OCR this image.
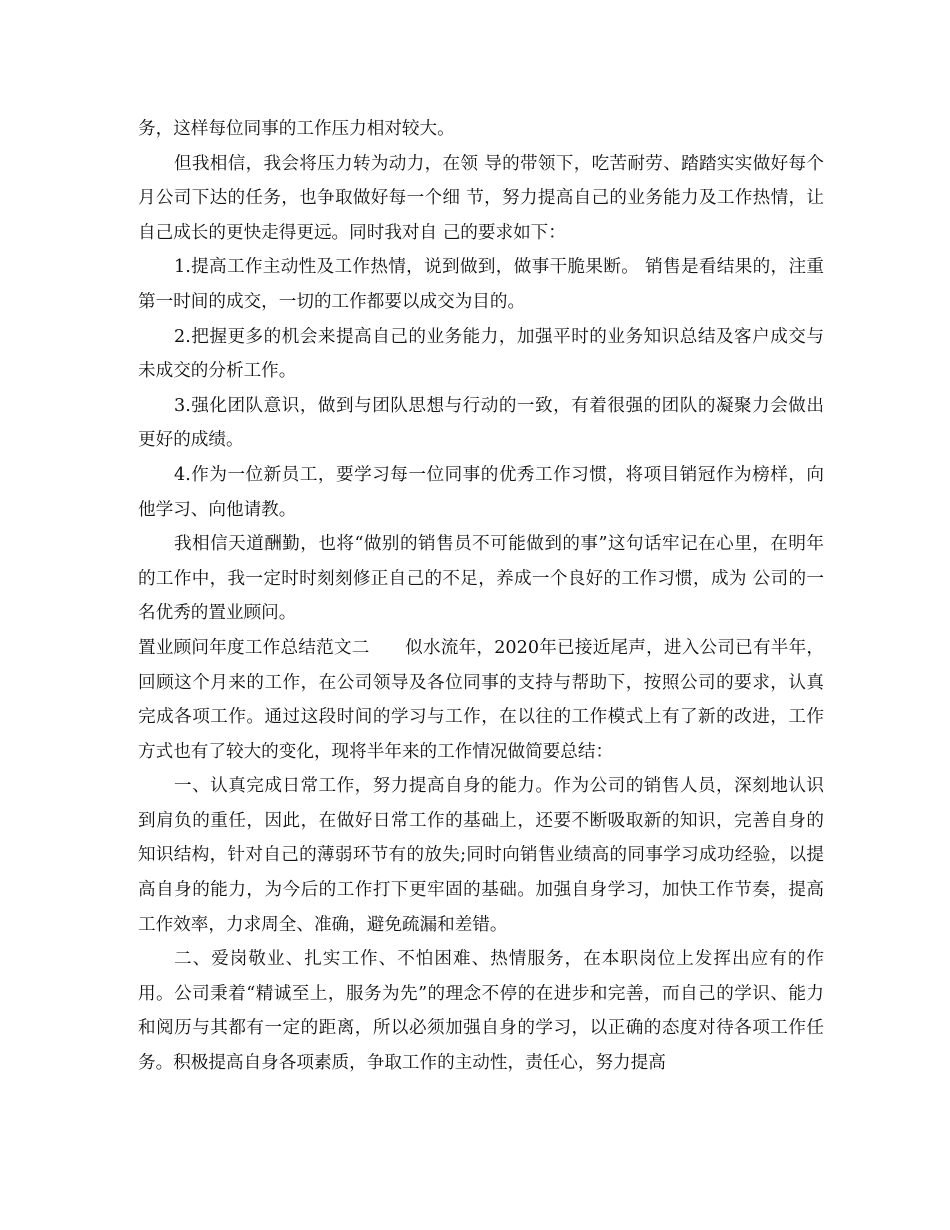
务，这样每位同事的工作压力相对较大。

但我相信，我会将压力转为动力，在领 导的带领下，吃苦耐劳、踏踏实实做好每个月公司下达的任务，也争取做好每一个细 节，努力提高自己的业务能力及工作热情，让自己成长的更快走得更远。同时我对自 己的要求如下：

1.提高工作主动性及工作热情，说到做到，做事干脆果断。 销售是看结果的，注重第一时间的成交，一切的工作都要以成交为目的。

2.把握更多的机会来提高自己的业务能力，加强平时的业务知识总结及客户成交与 未成交的分析工作。

3.强化团队意识，做到与团队思想与行动的一致，有着很强的团队的凝聚力会做出 更好的成绩。

4.作为一位新员工，要学习每一位同事的优秀工作习惯，将项目销冠作为榜样，向他学习、向他请教。

我相信天道酬勤，也将“做别的销售员不可能做到的事”这句话牢记在心里，在明年的工作中，我一定时时刻刻修正自己的不足，养成一个良好的工作习惯，成为 公司的一名优秀的置业顾问。

置业顾问年度工作总结范文二　　似水流年，2020年已接近尾声，进入公司已有半年，回顾这个月来的工作，在公司领导及各位同事的支持与帮助下，按照公司的要求，认真完成各项工作。通过这段时间的学习与工作，在以往的工作模式上有了新的改进，工作方式也有了较大的变化，现将半年来的工作情况做简要总结：

一、认真完成日常工作，努力提高自身的能力。作为公司的销售人员，深刻地认识到肩负的重任，因此，在做好日常工作的基础上，还要不断吸取新的知识，完善自身的知识结构，针对自己的薄弱环节有的放失;同时向销售业绩高的同事学习成功经验，以提高自身的能力，为今后的工作打下更牢固的基础。加强自身学习，加快工作节奏，提高工作效率，力求周全、准确，避免疏漏和差错。

二、爱岗敬业、扎实工作、不怕困难、热情服务，在本职岗位上发挥出应有的作用。公司秉着“精诚至上，服务为先”的理念不停的在进步和完善，而自己的学识、能力和阅历与其都有一定的距离，所以必须加强自身的学习，以正确的态度对待各项工作任务。积极提高自身各项素质，争取工作的主动性，责任心，努力提高
